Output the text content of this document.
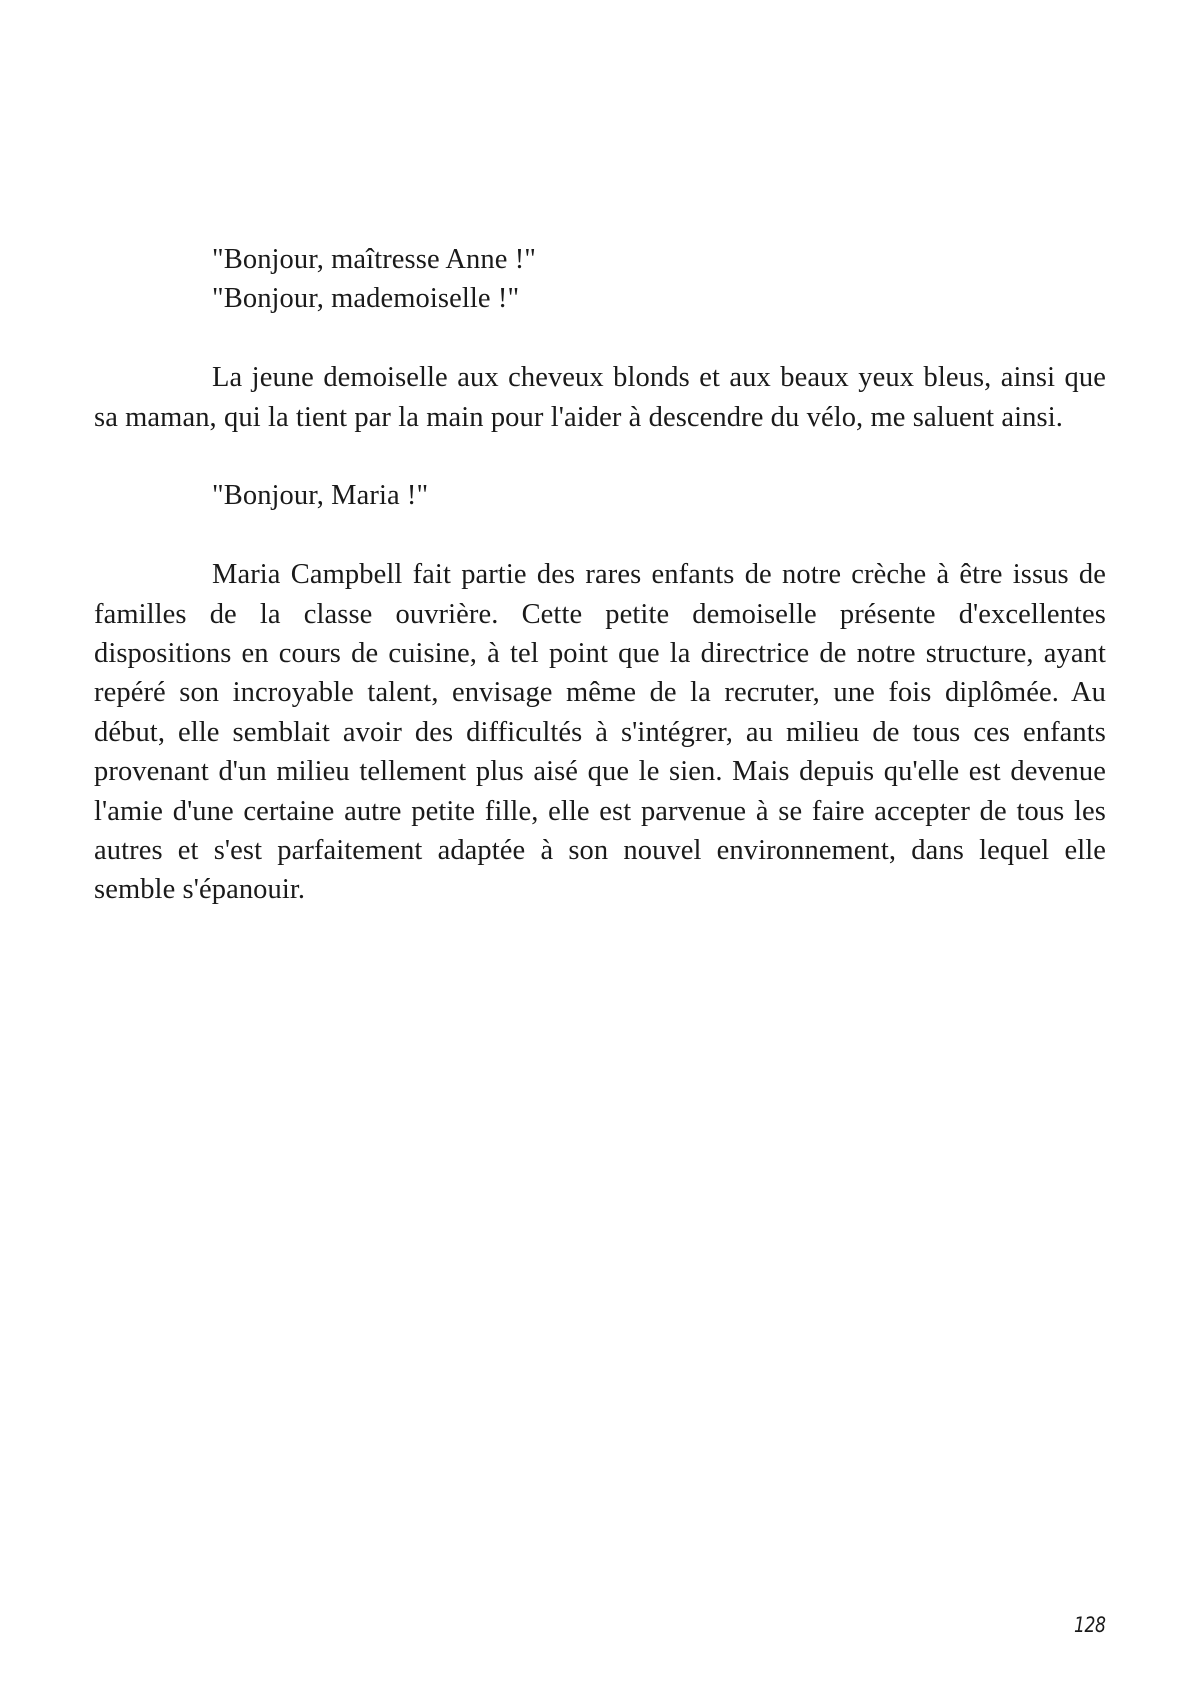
"Bonjour, maîtresse Anne !"

"Bonjour, mademoiselle !"

La jeune demoiselle aux cheveux blonds et aux beaux yeux bleus, ainsi que sa maman, qui la tient par la main pour l'aider à descendre du vélo, me saluent ainsi.

"Bonjour, Maria !"

Maria Campbell fait partie des rares enfants de notre crèche à être issus de familles de la classe ouvrière. Cette petite demoiselle présente d'excellentes dispositions en cours de cuisine, à tel point que la directrice de notre structure, ayant repéré son incroyable talent, envisage même de la recruter, une fois diplômée. Au début, elle semblait avoir des difficultés à s'intégrer, au milieu de tous ces enfants provenant d'un milieu tellement plus aisé que le sien. Mais depuis qu'elle est devenue l'amie d'une certaine autre petite fille, elle est parvenue à se faire accepter de tous les autres et s'est parfaitement adaptée à son nouvel environnement, dans lequel elle semble s'épanouir.

128
